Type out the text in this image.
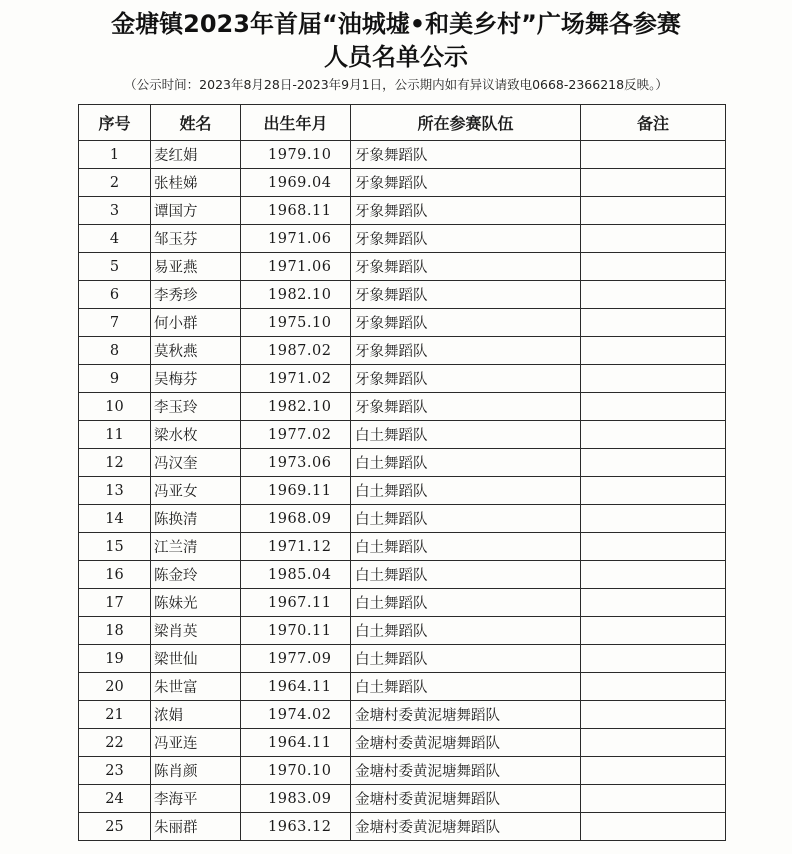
金塘镇2023年首届“油城墟•和美乡村”广场舞各参赛
人员名单公示
（公示时间：2023年8月28日-2023年9月1日，公示期内如有异议请致电0668-2366218反映。）
序号	姓名	出生年月	所在参赛队伍	备注
1	麦红娟	1979.10	牙象舞蹈队	
2	张桂娣	1969.04	牙象舞蹈队	
3	谭国方	1968.11	牙象舞蹈队	
4	邹玉芬	1971.06	牙象舞蹈队	
5	易亚燕	1971.06	牙象舞蹈队	
6	李秀珍	1982.10	牙象舞蹈队	
7	何小群	1975.10	牙象舞蹈队	
8	莫秋燕	1987.02	牙象舞蹈队	
9	吴梅芬	1971.02	牙象舞蹈队	
10	李玉玲	1982.10	牙象舞蹈队	
11	梁水枚	1977.02	白土舞蹈队	
12	冯汉奎	1973.06	白土舞蹈队	
13	冯亚女	1969.11	白土舞蹈队	
14	陈换清	1968.09	白土舞蹈队	
15	江兰清	1971.12	白土舞蹈队	
16	陈金玲	1985.04	白土舞蹈队	
17	陈妹光	1967.11	白土舞蹈队	
18	梁肖英	1970.11	白土舞蹈队	
19	梁世仙	1977.09	白土舞蹈队	
20	朱世富	1964.11	白土舞蹈队	
21	浓娟	1974.02	金塘村委黄泥塘舞蹈队	
22	冯亚连	1964.11	金塘村委黄泥塘舞蹈队	
23	陈肖颜	1970.10	金塘村委黄泥塘舞蹈队	
24	李海平	1983.09	金塘村委黄泥塘舞蹈队	
25	朱丽群	1963.12	金塘村委黄泥塘舞蹈队	
